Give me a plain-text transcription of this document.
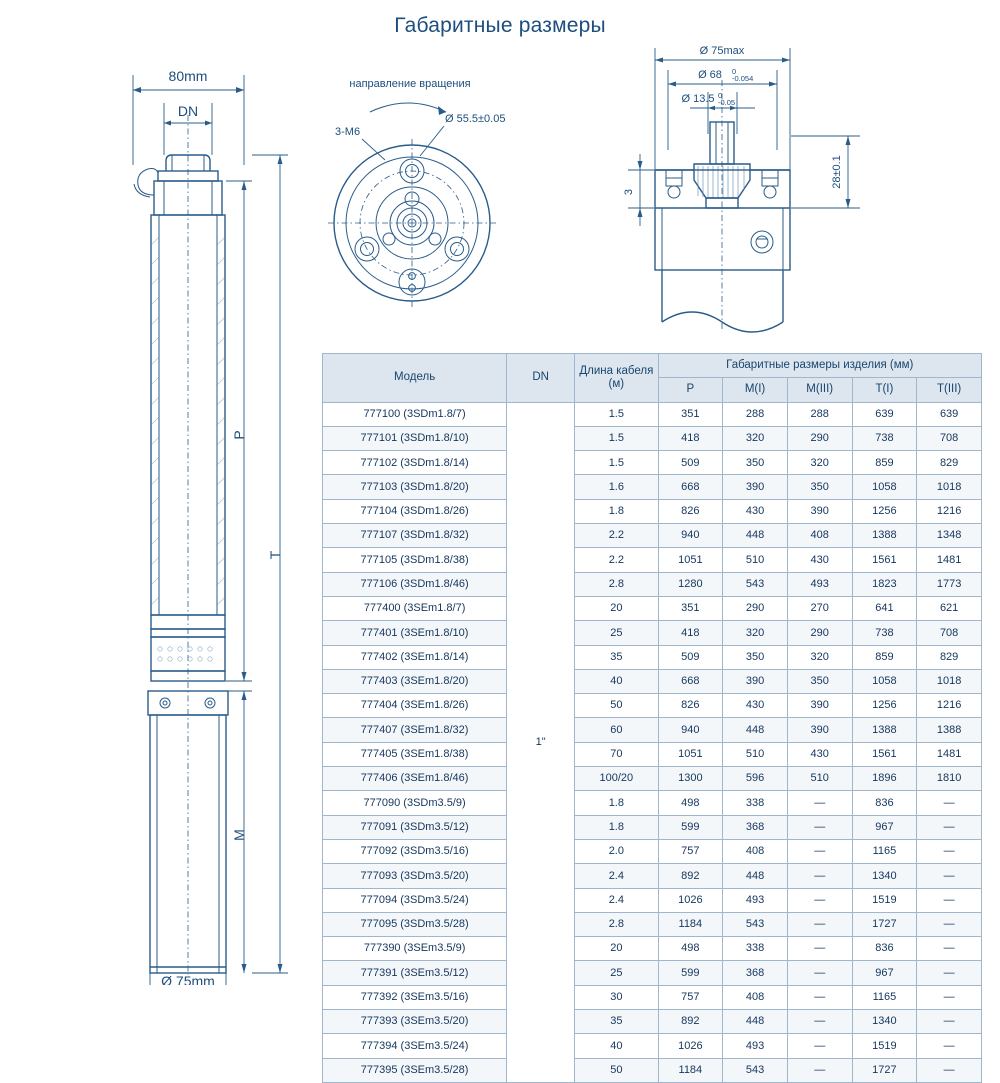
Габаритные размеры
80mm
DN
Ø 75mm
P
T
M
направление вращения
3-M6
Ø 55.5±0.05
Ø 75max
Ø 68 0
-0.054
Ø 13.5 0
-0.05
3
28±0.1
Модель	DN	Длина кабеля (м)	Габаритные размеры изделия (мм)				
			P	M(I)	M(III)	T(I)	T(III)
777100 (3SDm1.8/7)	1"	1.5	351	288	288	639	639
777101 (3SDm1.8/10)		1.5	418	320	290	738	708
777102 (3SDm1.8/14)		1.5	509	350	320	859	829
777103 (3SDm1.8/20)		1.6	668	390	350	1058	1018
777104 (3SDm1.8/26)		1.8	826	430	390	1256	1216
777107 (3SDm1.8/32)		2.2	940	448	408	1388	1348
777105 (3SDm1.8/38)		2.2	1051	510	430	1561	1481
777106 (3SDm1.8/46)		2.8	1280	543	493	1823	1773
777400 (3SEm1.8/7)		20	351	290	270	641	621
777401 (3SEm1.8/10)		25	418	320	290	738	708
777402 (3SEm1.8/14)		35	509	350	320	859	829
777403 (3SEm1.8/20)		40	668	390	350	1058	1018
777404 (3SEm1.8/26)		50	826	430	390	1256	1216
777407 (3SEm1.8/32)		60	940	448	390	1388	1388
777405 (3SEm1.8/38)		70	1051	510	430	1561	1481
777406 (3SEm1.8/46)		100/20	1300	596	510	1896	1810
777090 (3SDm3.5/9)		1.8	498	338	—	836	—
777091 (3SDm3.5/12)		1.8	599	368	—	967	—
777092 (3SDm3.5/16)		2.0	757	408	—	1165	—
777093 (3SDm3.5/20)		2.4	892	448	—	1340	—
777094 (3SDm3.5/24)		2.4	1026	493	—	1519	—
777095 (3SDm3.5/28)		2.8	1184	543	—	1727	—
777390 (3SEm3.5/9)		20	498	338	—	836	—
777391 (3SEm3.5/12)		25	599	368	—	967	—
777392 (3SEm3.5/16)		30	757	408	—	1165	—
777393 (3SEm3.5/20)		35	892	448	—	1340	—
777394 (3SEm3.5/24)		40	1026	493	—	1519	—
777395 (3SEm3.5/28)		50	1184	543	—	1727	—
